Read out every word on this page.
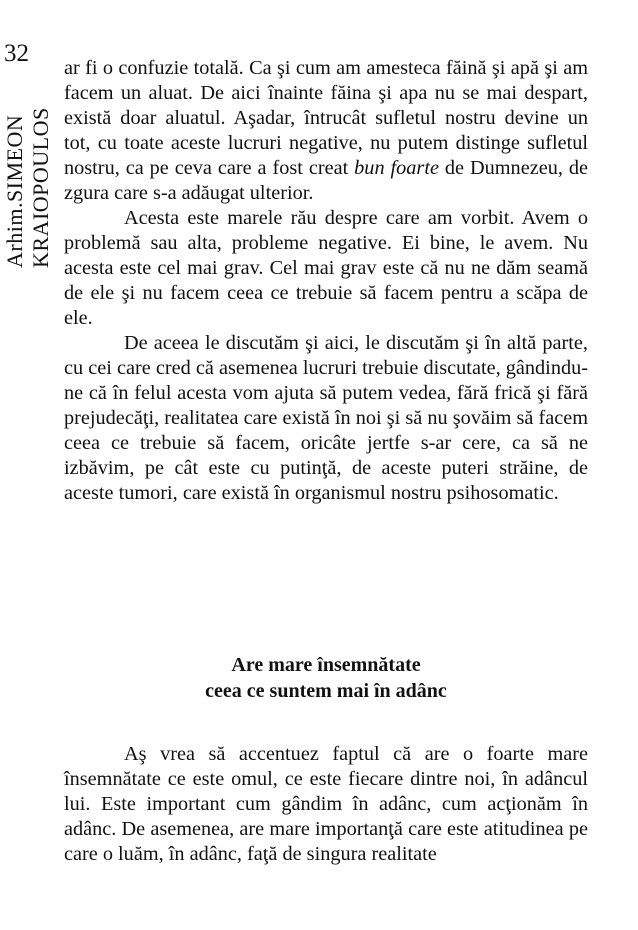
32
Arhim.SIMEON KRAIOPOULOS

ar fi o confuzie totală. Ca şi cum am amesteca făină şi apă şi am facem un aluat. De aici înainte făina şi apa nu se mai despart, există doar aluatul. Aşadar, întrucât sufletul nostru devine un tot, cu toate aceste lucruri negative, nu putem distinge sufletul nostru, ca pe ceva care a fost creat bun foarte de Dumnezeu, de zgura care s-a adăugat ulterior.

Acesta este marele rău despre care am vorbit. Avem o problemă sau alta, probleme negative. Ei bine, le avem. Nu acesta este cel mai grav. Cel mai grav este că nu ne dăm seamă de ele şi nu facem ceea ce trebuie să facem pentru a scăpa de ele.

De aceea le discutăm şi aici, le discutăm şi în altă parte, cu cei care cred că asemenea lucruri trebuie discutate, gândindu-ne că în felul acesta vom ajuta să putem vedea, fără frică şi fără prejudecăţi, realitatea care există în noi şi să nu şovăim să facem ceea ce trebuie să facem, oricâte jertfe s-ar cere, ca să ne izbăvim, pe cât este cu putinţă, de aceste puteri străine, de aceste tumori, care există în organismul nostru psihosomatic.

Are mare însemnătate
ceea ce suntem mai în adânc

Aş vrea să accentuez faptul că are o foarte mare însemnătate ce este omul, ce este fiecare dintre noi, în adâncul lui. Este important cum gândim în adânc, cum acţionăm în adânc. De asemenea, are mare importanţă care este atitudinea pe care o luăm, în adânc, faţă de singura realitate
